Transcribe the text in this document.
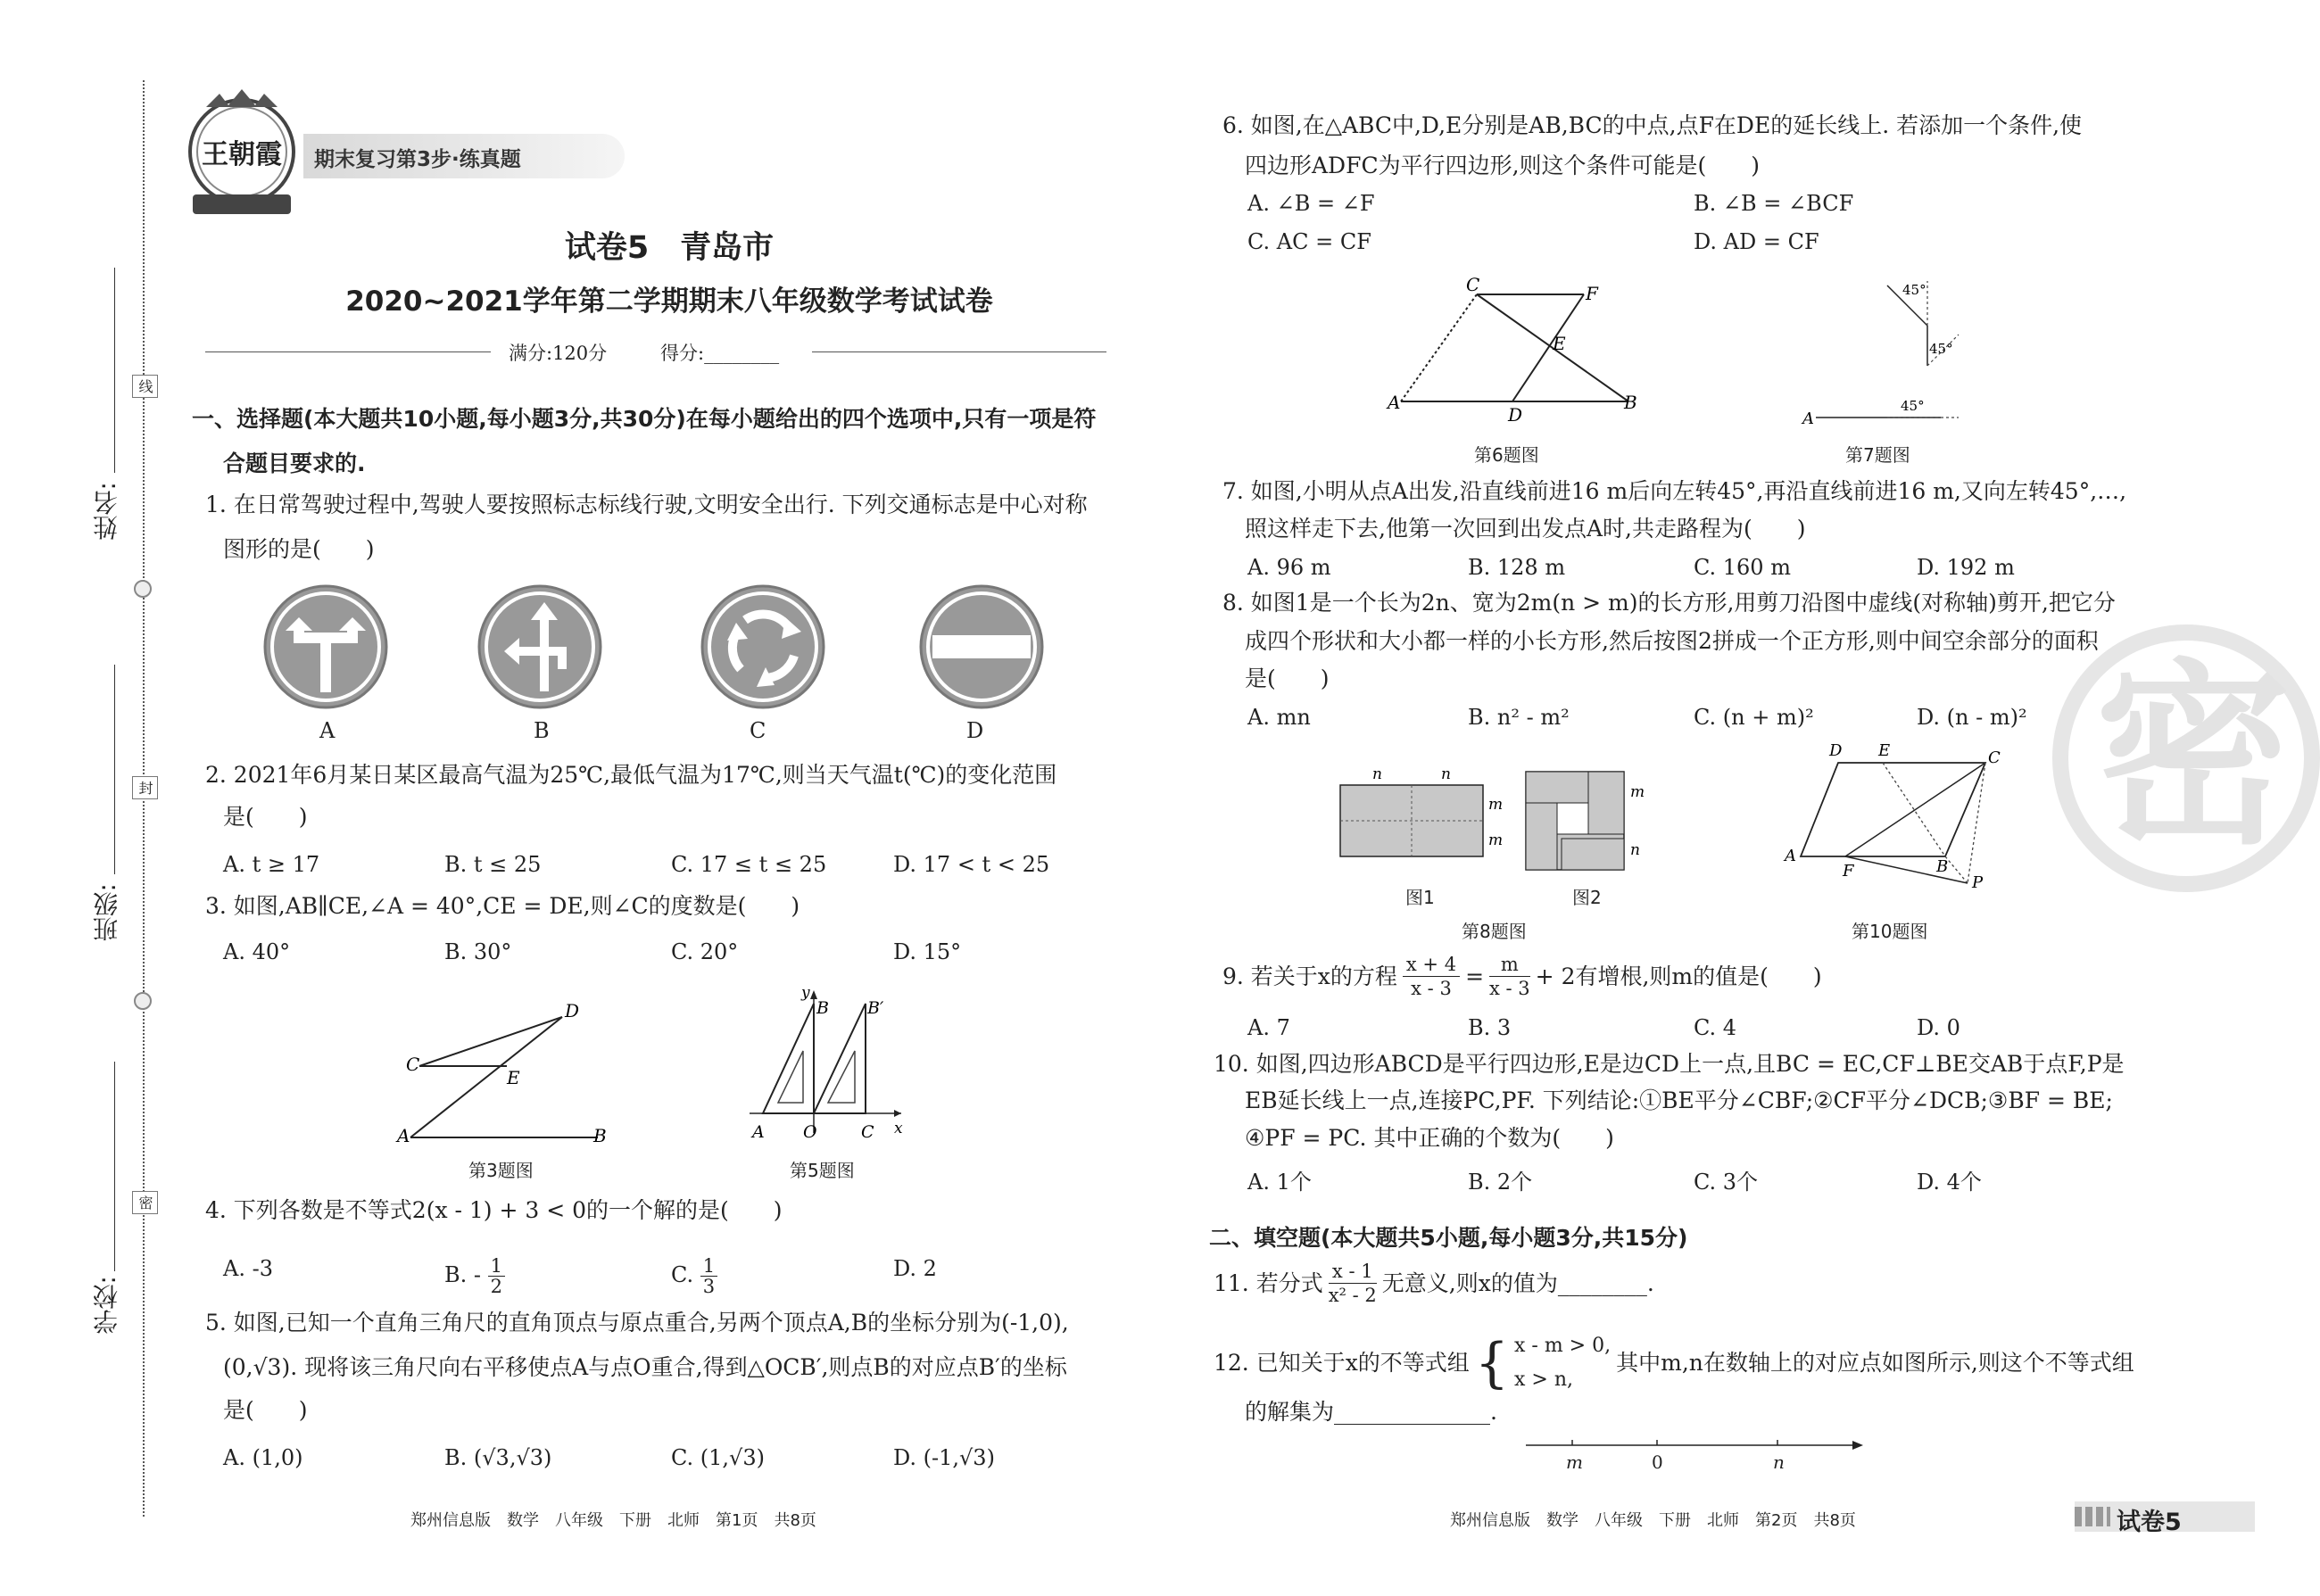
姓名:
班级:
学校:
线
封
密
王朝霞	期末复习第3步·练真题
试卷5　青岛市
2020~2021学年第二学期期末八年级数学考试试卷
满分:120分	得分:________
一、选择题(本大题共10小题,每小题3分,共30分)在每小题给出的四个选项中,只有一项是符
合题目要求的.
1. 在日常驾驶过程中,驾驶人要按照标志标线行驶,文明安全出行. 下列交通标志是中心对称
图形的是(　　)
A	B	C	D
2. 2021年6月某日某区最高气温为25℃,最低气温为17℃,则当天气温t(℃)的变化范围
是(　　)
A. t ≥ 17	B. t ≤ 25	C. 17 ≤ t ≤ 25	D. 17 < t < 25
3. 如图,AB∥CE,∠A = 40°,CE = DE,则∠C的度数是(　　)
A. 40°	B. 30°	C. 20°	D. 15°
A	B
C
D
E
第3题图
y
B B′
A O	C x
第5题图
4. 下列各数是不等式2(x - 1) + 3 < 0的一个解的是(　　)
A. -3	B. - $\frac{1}{2}$	C. $\frac{1}{3}$	D. 2
5. 如图,已知一个直角三角尺的直角顶点与原点重合,另两个顶点A,B的坐标分别为(-1,0),
(0,√3). 现将该三角尺向右平移使点A与点O重合,得到△OCB′,则点B的对应点B′的坐标
是(　　)
A. (1,0)	B. (√3,√3)	C. (1,√3)	D. (-1,√3)
郑州信息版　数学　八年级　下册　北师　第1页　共8页
6. 如图,在△ABC中,D,E分别是AB,BC的中点,点F在DE的延长线上. 若添加一个条件,使
四边形ADFC为平行四边形,则这个条件可能是(　　)
A. ∠B = ∠F	B. ∠B = ∠BCF
C. AC = CF	D. AD = CF
A	B
C
D
E
F
第6题图
A
45°
45°
45°
第7题图
7. 如图,小明从点A出发,沿直线前进16 m后向左转45°,再沿直线前进16 m,又向左转45°,…,
照这样走下去,他第一次回到出发点A时,共走路程为(　　)
A. 96 m	B. 128 m	C. 160 m	D. 192 m
8. 如图1是一个长为2n、宽为2m(n > m)的长方形,用剪刀沿图中虚线(对称轴)剪开,把它分
成四个形状和大小都一样的小长方形,然后按图2拼成一个正方形,则中间空余部分的面积
是(　　)
A. mn	B. n² - m²	C. (n + m)²	D. (n - m)²
n	n
m
m
m
n
图1	图2
第8题图
D E	C
A
F	B
P
第10题图
9. 若关于x的方程 $\frac{x + 4}{x - 3} = \frac{m}{x - 3} + 2$有增根,则m的值是(　　)
A. 7	B. 3	C. 4	D. 0
10. 如图,四边形ABCD是平行四边形,E是边CD上一点,且BC = EC,CF⊥BE交AB于点F,P是
EB延长线上一点,连接PC,PF. 下列结论:①BE平分∠CBF;②CF平分∠DCB;③BF = BE;
④PF = PC. 其中正确的个数为(　　)
A. 1个	B. 2个	C. 3个	D. 4个
二、填空题(本大题共5小题,每小题3分,共15分)
11. 若分式 $\frac{x - 1}{\text{x² - 2}}$ 无意义,则x的值为________.
12. 已知关于x的不等式组 { x - m > 0,
x > n,
其中m,n在数轴上的对应点如图所示,则这个不等式组
的解集为______________.
m	0	n
郑州信息版　数学　八年级　下册　北师　第2页　共8页	试卷5
密
